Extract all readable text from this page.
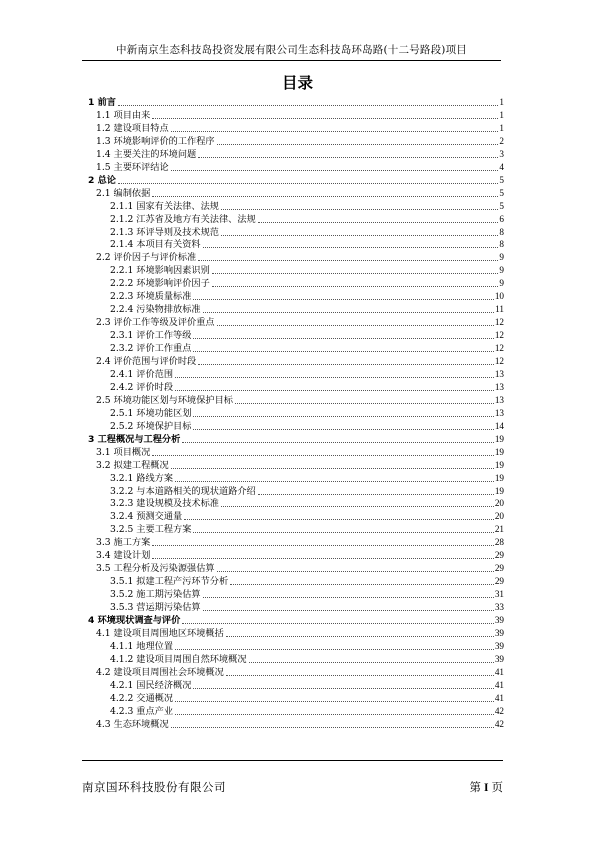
中新南京生态科技岛投资发展有限公司生态科技岛环岛路(十二号路段)项目
目录
1 前言	1
1.1 项目由来	1
1.2 建设项目特点	1
1.3 环境影响评价的工作程序	2
1.4 主要关注的环境问题	3
1.5 主要环评结论	4
2 总论	5
2.1 编制依据	5
2.1.1 国家有关法律、法规	5
2.1.2 江苏省及地方有关法律、法规	6
2.1.3 环评导则及技术规范	8
2.1.4 本项目有关资料	8
2.2 评价因子与评价标准	9
2.2.1 环境影响因素识别	9
2.2.2 环境影响评价因子	9
2.2.3 环境质量标准	10
2.2.4 污染物排放标准	11
2.3 评价工作等级及评价重点	12
2.3.1 评价工作等级	12
2.3.2 评价工作重点	12
2.4 评价范围与评价时段	12
2.4.1 评价范围	13
2.4.2 评价时段	13
2.5 环境功能区划与环境保护目标	13
2.5.1 环境功能区划	13
2.5.2 环境保护目标	14
3 工程概况与工程分析	19
3.1 项目概况	19
3.2 拟建工程概况	19
3.2.1 路线方案	19
3.2.2 与本道路相关的现状道路介绍	19
3.2.3 建设规模及技术标准	20
3.2.4 预测交通量	20
3.2.5 主要工程方案	21
3.3 施工方案	28
3.4 建设计划	29
3.5 工程分析及污染源强估算	29
3.5.1 拟建工程产污环节分析	29
3.5.2 施工期污染估算	31
3.5.3 营运期污染估算	33
4 环境现状调查与评价	39
4.1 建设项目周围地区环境概括	39
4.1.1 地理位置	39
4.1.2 建设项目周围自然环境概况	39
4.2 建设项目周围社会环境概况	41
4.2.1 国民经济概况	41
4.2.2 交通概况	41
4.2.3 重点产业	42
4.3 生态环境概况	42
南京国环科技股份有限公司	第 I 页
